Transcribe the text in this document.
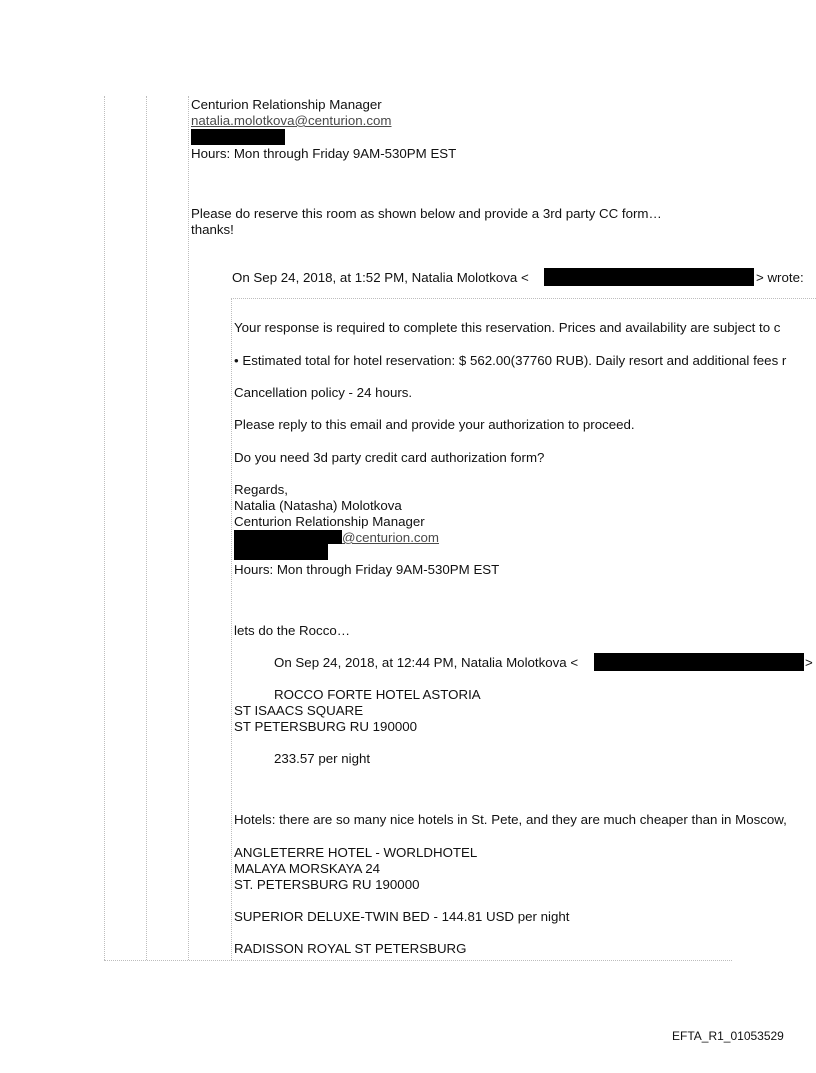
Centurion Relationship Manager
natalia.molotkova@centurion.com
Hours: Mon through Friday 9AM-530PM EST
Please do reserve this room as shown below and provide a 3rd party CC form…
thanks!
On Sep 24, 2018, at 1:52 PM, Natalia Molotkova <	> wrote:
Your response is required to complete this reservation. Prices and availability are subject to c
• Estimated total for hotel reservation: $ 562.00(37760 RUB). Daily resort and additional fees r
Cancellation policy - 24 hours.
Please reply to this email and provide your authorization to proceed.
Do you need 3d party credit card authorization form?
Regards,
Natalia (Natasha) Molotkova
Centurion Relationship Manager
@centurion.com
Hours: Mon through Friday 9AM-530PM EST
lets do the Rocco…
On Sep 24, 2018, at 12:44 PM, Natalia Molotkova <	>
ROCCO FORTE HOTEL ASTORIA
ST ISAACS SQUARE
ST PETERSBURG RU 190000
233.57 per night
Hotels: there are so many nice hotels in St. Pete, and they are much cheaper than in Moscow,
ANGLETERRE HOTEL - WORLDHOTEL
MALAYA MORSKAYA 24
ST. PETERSBURG RU 190000
SUPERIOR DELUXE-TWIN BED - 144.81 USD per night
RADISSON ROYAL ST PETERSBURG
EFTA_R1_01053529
